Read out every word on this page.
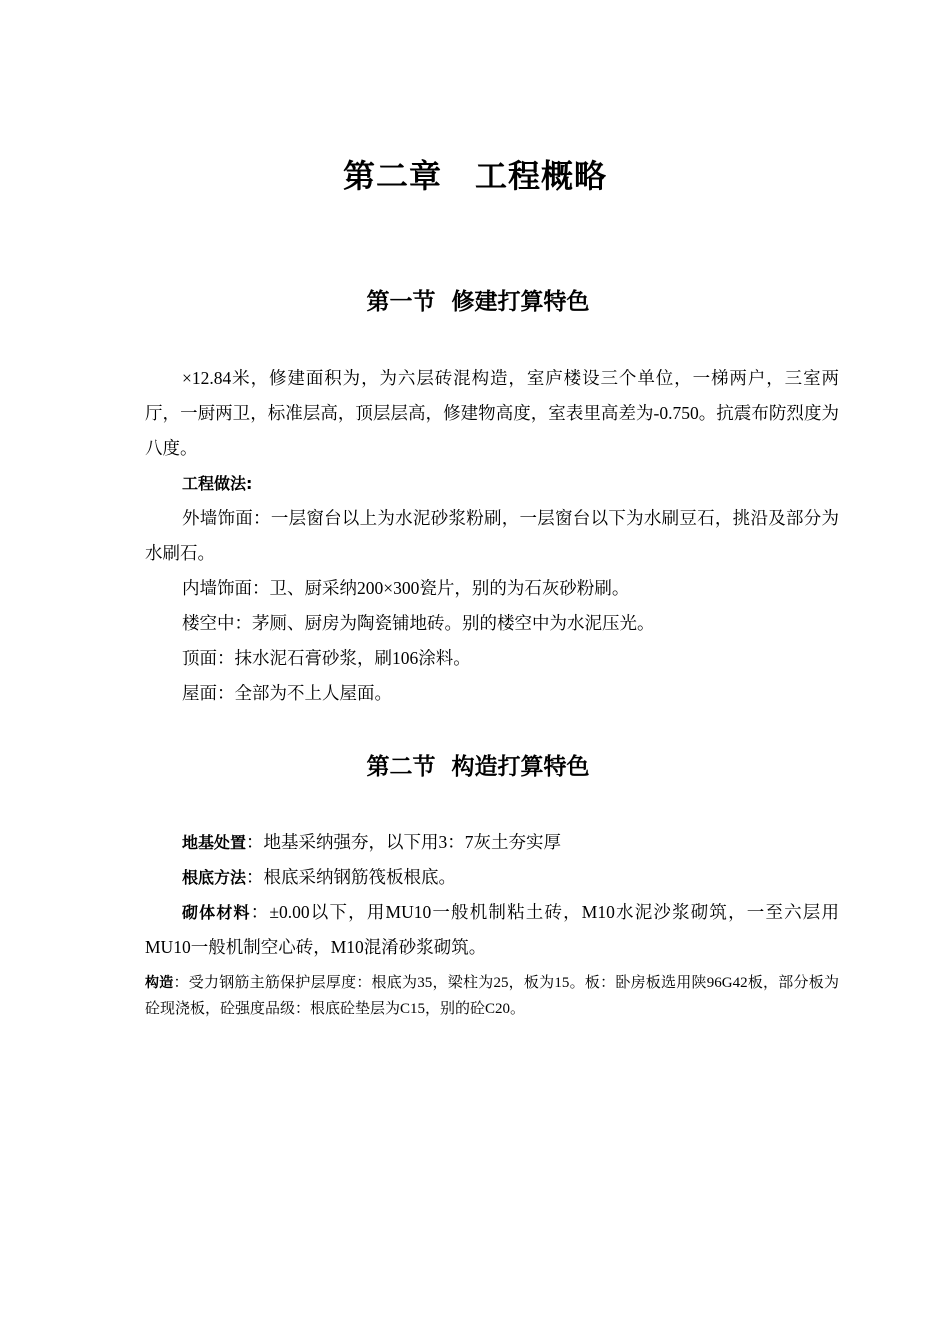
第二章　工程概略
第一节  修建打算特色

×12.84米，修建面积为，为六层砖混构造，室庐楼设三个单位，一梯两户，三室两厅，一厨两卫，标准层高，顶层层高，修建物高度，室表里高差为-0.750。抗震布防烈度为八度。

工程做法:

外墙饰面：一层窗台以上为水泥砂浆粉刷，一层窗台以下为水刷豆石，挑沿及部分为水刷石。

内墙饰面：卫、厨采纳200×300瓷片，别的为石灰砂粉刷。

楼空中：茅厕、厨房为陶瓷铺地砖。别的楼空中为水泥压光。

顶面：抹水泥石膏砂浆，刷106涂料。

屋面：全部为不上人屋面。

第二节  构造打算特色

地基处置：地基采纳强夯，以下用3：7灰土夯实厚

根底方法：根底采纳钢筋筏板根底。

砌体材料：±0.00以下，用MU10一般机制粘土砖，M10水泥沙浆砌筑，一至六层用MU10一般机制空心砖，M10混淆砂浆砌筑。

构造：受力钢筋主筋保护层厚度：根底为35，梁柱为25，板为15。板：卧房板选用陕96G42板，部分板为砼现浇板，砼强度品级：根底砼垫层为C15，别的砼C20。
